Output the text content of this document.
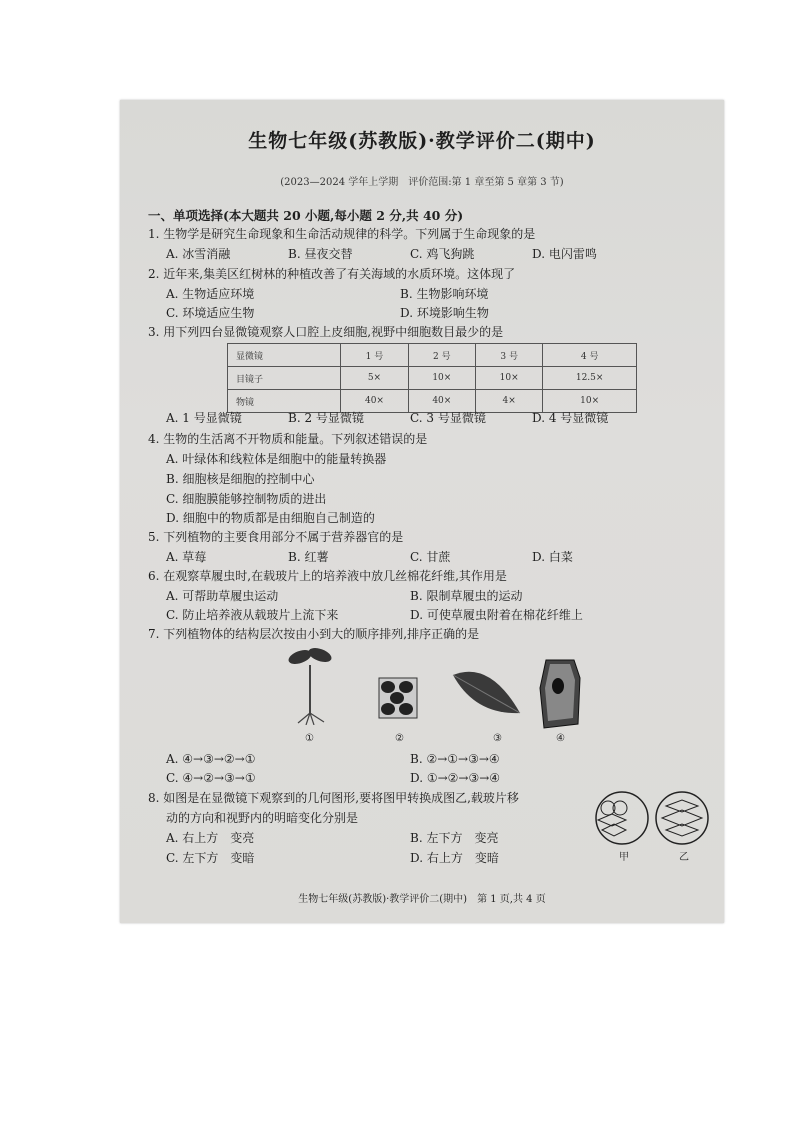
生物七年级(苏教版)·教学评价二(期中)
(2023—2024 学年上学期　评价范围:第 1 章至第 5 章第 3 节)
一、单项选择(本大题共 20 小题,每小题 2 分,共 40 分)
1. 生物学是研究生命现象和生命活动规律的科学。下列属于生命现象的是
A. 冰雪消融	B. 昼夜交替	C. 鸡飞狗跳	D. 电闪雷鸣
2. 近年来,集美区红树林的种植改善了有关海域的水质环境。这体现了
A. 生物适应环境	B. 生物影响环境
C. 环境适应生物	D. 环境影响生物
3. 用下列四台显微镜观察人口腔上皮细胞,视野中细胞数目最少的是
显微镜	1 号	2 号	3 号	4 号
目镜子	5×	10×	10×	12.5×
物镜	40×	40×	4×	10×
A. 1 号显微镜	B. 2 号显微镜	C. 3 号显微镜	D. 4 号显微镜
4. 生物的生活离不开物质和能量。下列叙述错误的是
A. 叶绿体和线粒体是细胞中的能量转换器
B. 细胞核是细胞的控制中心
C. 细胞膜能够控制物质的进出
D. 细胞中的物质都是由细胞自己制造的
5. 下列植物的主要食用部分不属于营养器官的是
A. 草莓	B. 红薯	C. 甘蔗	D. 白菜
6. 在观察草履虫时,在载玻片上的培养液中放几丝棉花纤维,其作用是
A. 可帮助草履虫运动	B. 限制草履虫的运动
C. 防止培养液从载玻片上流下来	D. 可使草履虫附着在棉花纤维上
7. 下列植物体的结构层次按由小到大的顺序排列,排序正确的是
①	②	③	④
A. ④→③→②→①	B. ②→①→③→④
C. ④→②→③→①	D. ①→②→③→④
8. 如图是在显微镜下观察到的几何图形,要将图甲转换成图乙,载玻片移
动的方向和视野内的明暗变化分别是
A. 右上方　变亮	B. 左下方　变亮
C. 左下方　变暗	D. 右上方　变暗	甲	乙
生物七年级(苏教版)·教学评价二(期中)　第 1 页,共 4 页
